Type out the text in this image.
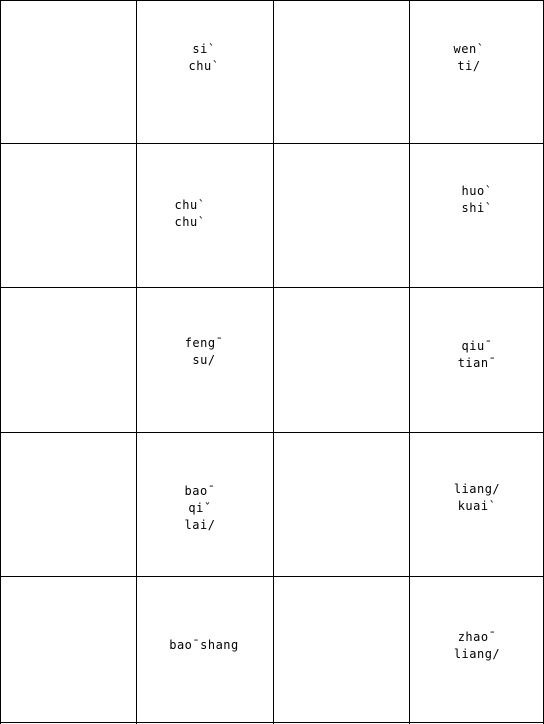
si`
chu`
wen`
ti/
chu`
chu`
huo`
shi`
feng¯
su/
qiu¯
tian¯
bao¯
qiˇ
lai/
liang/
kuai`
bao¯shang
zhao¯
liang/
